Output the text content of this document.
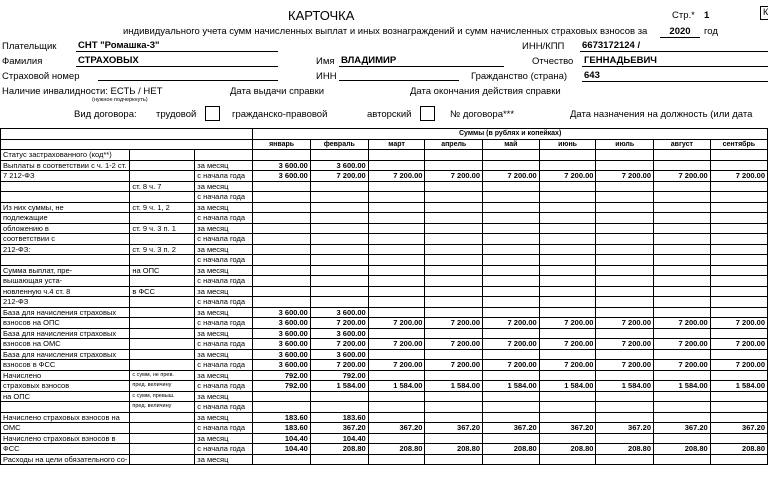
КАРТОЧКА	Стр.* 1	К
индивидуального учета сумм начисленных выплат и иных вознаграждений и сумм начисленных страховых взносов за	2020	год
Плательщик СНТ "Ромашка-3"	ИНН/КПП 6673172124 /
Фамилия	СТРАХОВЫХ	Имя ВЛАДИМИР	Отчество ГЕННАДЬЕВИЧ
Страховой номер	ИНН	Гражданство (страна) 643
Наличие инвалидности: ЕСТЬ / НЕТ
(нужное подчеркнуть)
Дата выдачи справки	Дата окончания действия справки
Вид договора: трудовой	гражданско-правовой	авторский	№ договора***	Дата назначения на должность (или дата
			Суммы (в рублях и копейках)								
			январь	февраль	март	апрель	май	июнь	июль	август	сентябрь
Статус застрахованного (код**)											
Выплаты в соответствии с ч. 1-2 ст.		за месяц	3 600.00	3 600.00							
7 212-ФЗ		с начала года	3 600.00	7 200.00	7 200.00	7 200.00	7 200.00	7 200.00	7 200.00	7 200.00	7 200.00
	ст. 8 ч. 7	за месяц									
		с начала года									
Из них суммы, не	ст. 9 ч. 1, 2	за месяц									
подлежащие		с начала года									
обложению в	ст. 9 ч. 3 п. 1	за месяц									
соответствии с		с начала года									
212-ФЗ:	ст. 9 ч. 3 п. 2	за месяц									
		с начала года									
Сумма выплат, пре-	на ОПС	за месяц									
вышающая уста-		с начала года									
новленную ч.4 ст. 8	в ФСС	за месяц									
212-ФЗ		с начала года									
База для начисления страховых		за месяц	3 600.00	3 600.00							
взносов на ОПС		с начала года	3 600.00	7 200.00	7 200.00	7 200.00	7 200.00	7 200.00	7 200.00	7 200.00	7 200.00
База для начисления страховых		за месяц	3 600.00	3 600.00							
взносов на ОМС		с начала года	3 600.00	7 200.00	7 200.00	7 200.00	7 200.00	7 200.00	7 200.00	7 200.00	7 200.00
База для начисления страховых		за месяц	3 600.00	3 600.00							
взносов в ФСС		с начала года	3 600.00	7 200.00	7 200.00	7 200.00	7 200.00	7 200.00	7 200.00	7 200.00	7 200.00
Начислено	с сумм, не прев.	за месяц	792.00	792.00							
страховых взносов	пред. величину	с начала года	792.00	1 584.00	1 584.00	1 584.00	1 584.00	1 584.00	1 584.00	1 584.00	1 584.00
на ОПС	с сумм, превыш.	за месяц									
	пред. величину	с начала года									
Начислено страховых взносов на		за месяц	183.60	183.60							
ОМС		с начала года	183.60	367.20	367.20	367.20	367.20	367.20	367.20	367.20	367.20
Начислено страховых взносов в		за месяц	104.40	104.40							
ФСС		с начала года	104.40	208.80	208.80	208.80	208.80	208.80	208.80	208.80	208.80
Расходы на цели обязательного со-		за месяц									
